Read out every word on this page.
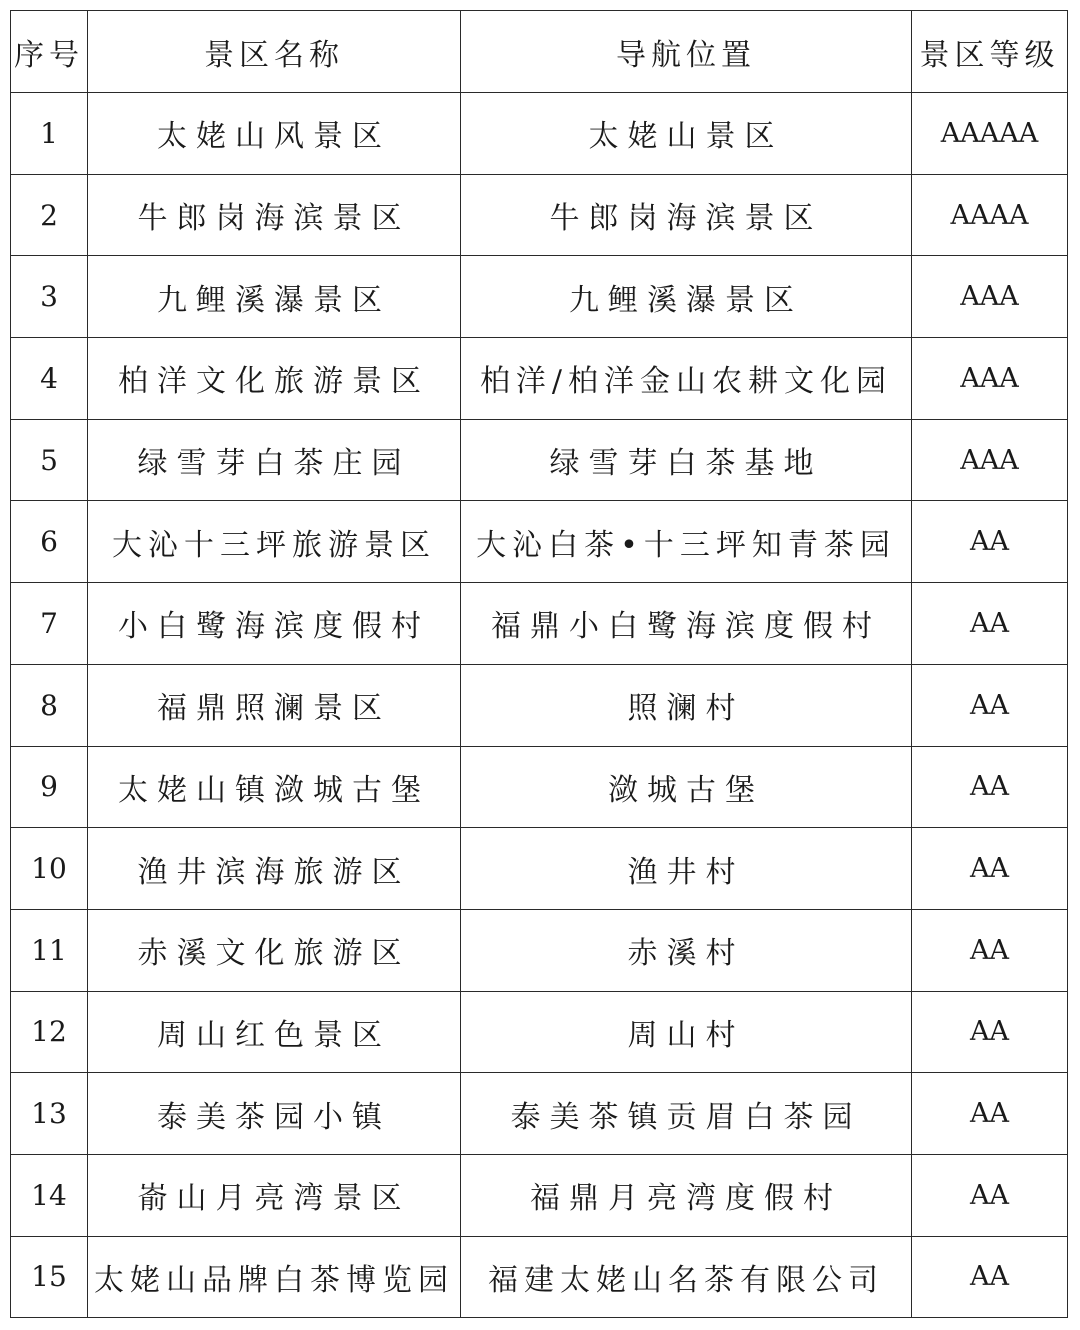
序号	景区名称	导航位置	景区等级
1	太姥山风景区	太姥山景区	AAAAA
2	牛郎岗海滨景区	牛郎岗海滨景区	AAAA
3	九鲤溪瀑景区	九鲤溪瀑景区	AAA
4	柏洋文化旅游景区	柏洋/柏洋金山农耕文化园	AAA
5	绿雪芽白茶庄园	绿雪芽白茶基地	AAA
6	大沁十三坪旅游景区	大沁白茶•十三坪知青茶园	AA
7	小白鹭海滨度假村	福鼎小白鹭海滨度假村	AA
8	福鼎照澜景区	照澜村	AA
9	太姥山镇潋城古堡	潋城古堡	AA
10	渔井滨海旅游区	渔井村	AA
11	赤溪文化旅游区	赤溪村	AA
12	周山红色景区	周山村	AA
13	泰美茶园小镇	泰美茶镇贡眉白茶园	AA
14	嵛山月亮湾景区	福鼎月亮湾度假村	AA
15	太姥山品牌白茶博览园	福建太姥山名茶有限公司	AA
